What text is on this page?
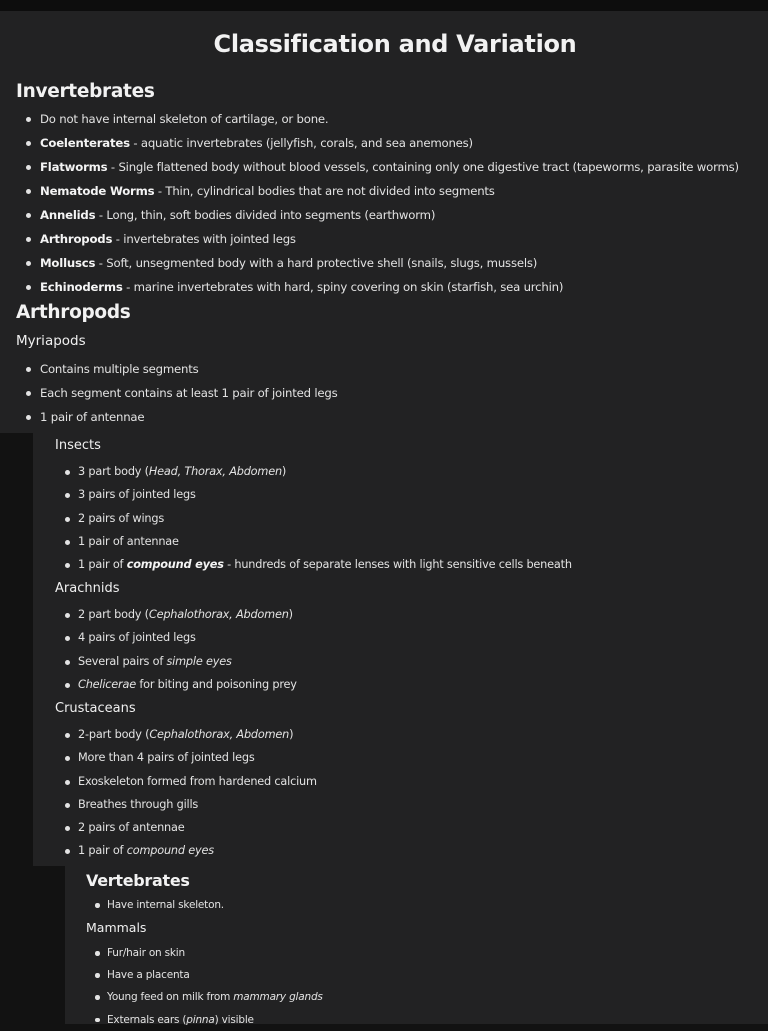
Classification and Variation
Invertebrates
Do not have internal skeleton of cartilage, or bone.
Coelenterates - aquatic invertebrates (jellyfish, corals, and sea anemones)
Flatworms - Single flattened body without blood vessels, containing only one digestive tract (tapeworms, parasite worms)
Nematode Worms - Thin, cylindrical bodies that are not divided into segments
Annelids - Long, thin, soft bodies divided into segments (earthworm)
Arthropods - invertebrates with jointed legs
Molluscs - Soft, unsegmented body with a hard protective shell (snails, slugs, mussels)
Echinoderms - marine invertebrates with hard, spiny covering on skin (starfish, sea urchin)
Arthropods
Myriapods
Contains multiple segments
Each segment contains at least 1 pair of jointed legs
1 pair of antennae
Insects
3 part body (Head, Thorax, Abdomen)
3 pairs of jointed legs
2 pairs of wings
1 pair of antennae
1 pair of compound eyes - hundreds of separate lenses with light sensitive cells beneath
Arachnids
2 part body (Cephalothorax, Abdomen)
4 pairs of jointed legs
Several pairs of simple eyes
Chelicerae for biting and poisoning prey
Crustaceans
2-part body (Cephalothorax, Abdomen)
More than 4 pairs of jointed legs
Exoskeleton formed from hardened calcium
Breathes through gills
2 pairs of antennae
1 pair of compound eyes
Vertebrates
Have internal skeleton.
Mammals
Fur/hair on skin
Have a placenta
Young feed on milk from mammary glands
Externals ears (pinna) visible
